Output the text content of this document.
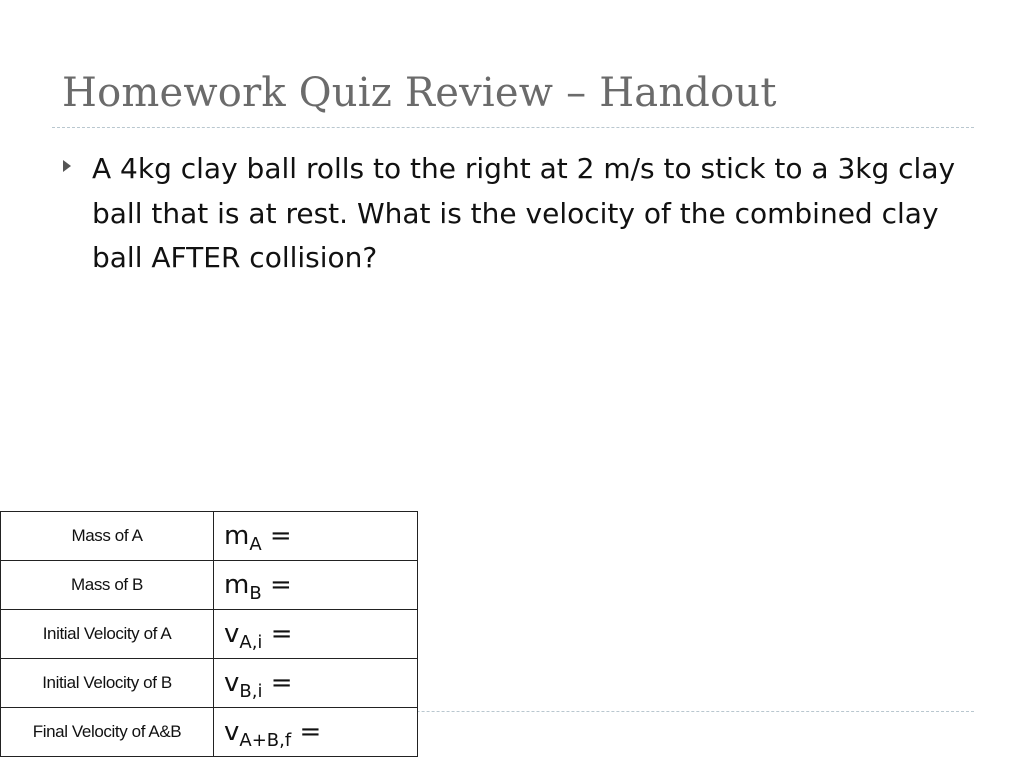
Homework Quiz Review – Handout
A 4kg clay ball rolls to the right at 2 m/s to stick to a 3kg clay ball that is at rest. What is the velocity of the combined clay ball AFTER collision?
Mass of A	$m_A$ =
Mass of B	$m_B$ =
Initial Velocity of A	$v_{A,i}$ =
Initial Velocity of B	$v_{B,i}$ =
Final Velocity of A&B	$v_{A+B,f}$ =
